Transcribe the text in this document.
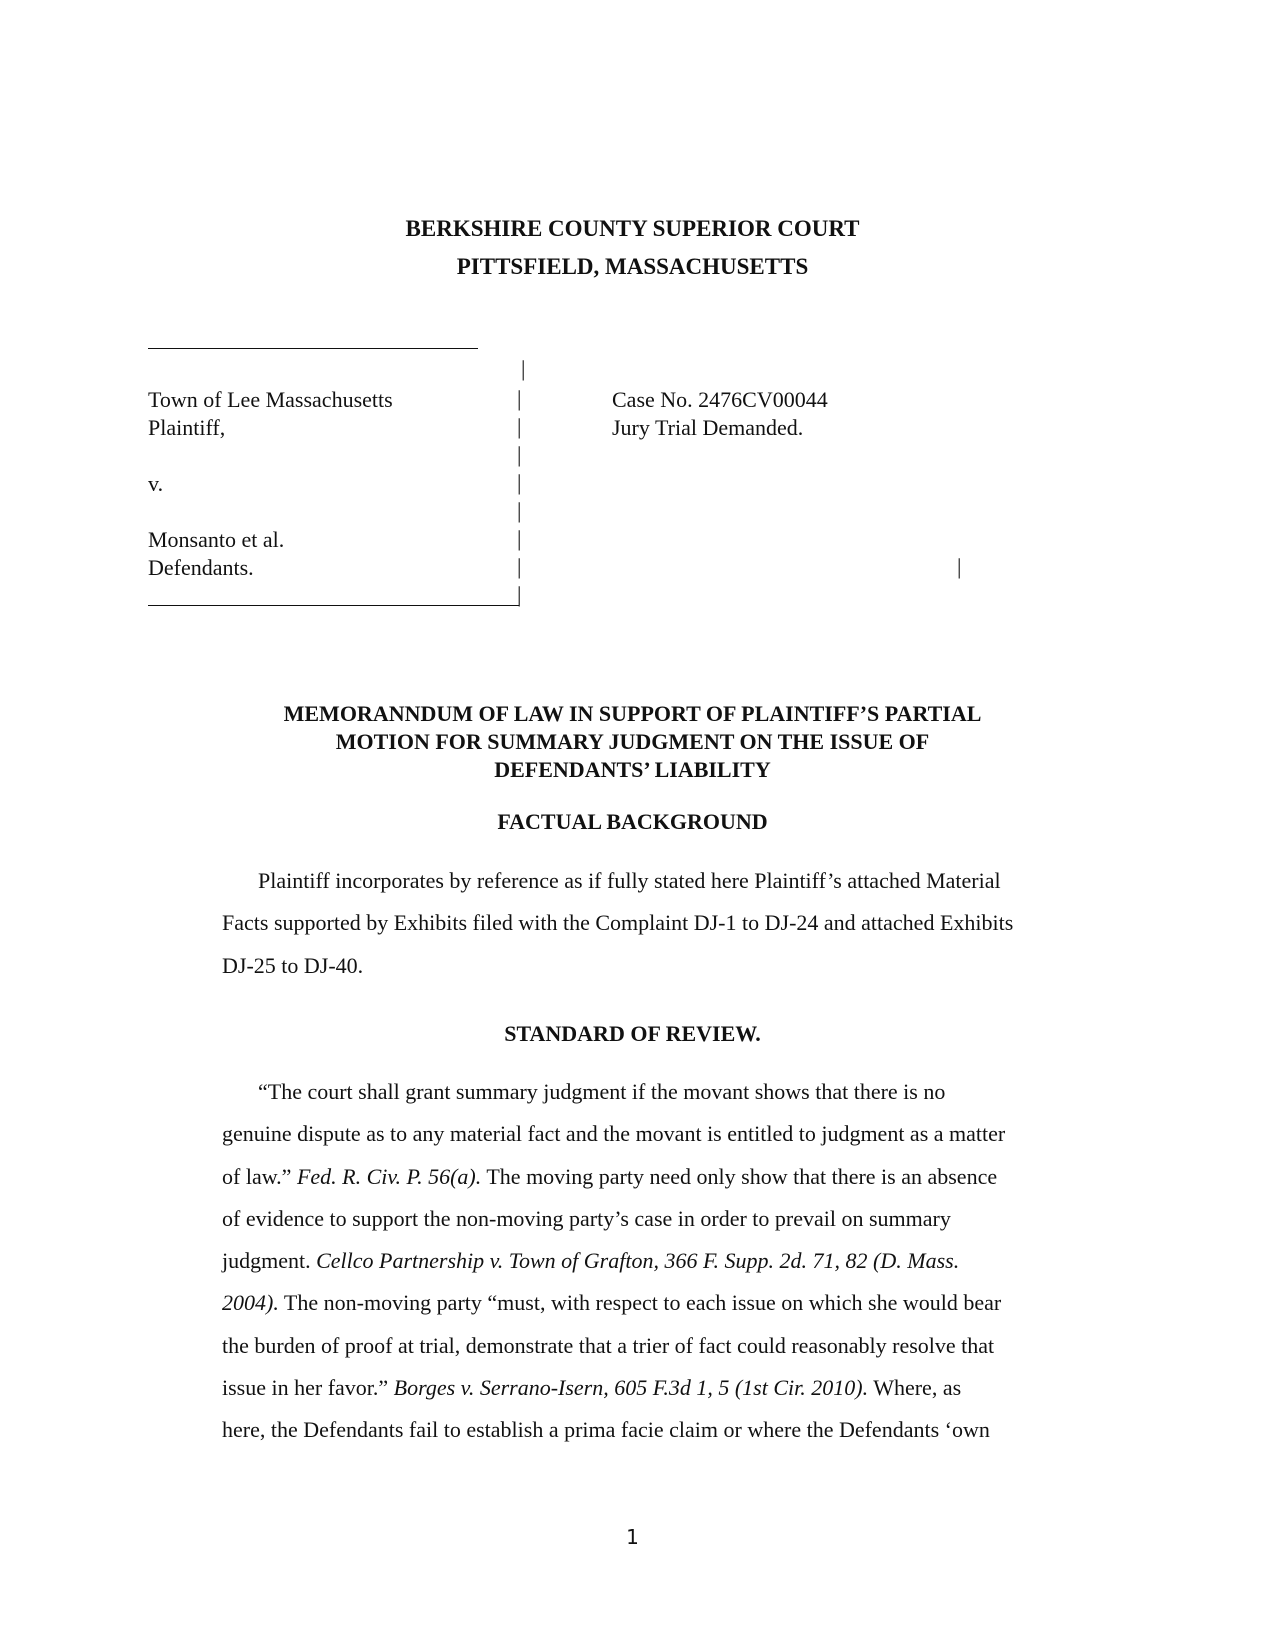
BERKSHIRE COUNTY SUPERIOR COURT
PITTSFIELD, MASSACHUSETTS
|
|
|
|
|
|
|
|
|
|
Town of Lee Massachusetts
Plaintiff,
v.
Monsanto et al.
Defendants.
Case No. 2476CV00044
Jury Trial Demanded.
MEMORANNDUM OF LAW IN SUPPORT OF PLAINTIFF’S PARTIAL
MOTION FOR SUMMARY JUDGMENT ON THE ISSUE OF
DEFENDANTS’ LIABILITY
FACTUAL BACKGROUND
Plaintiff incorporates by reference as if fully stated here Plaintiff’s attached Material
Facts supported by Exhibits filed with the Complaint DJ-1 to DJ-24 and attached Exhibits
DJ-25 to DJ-40.
STANDARD OF REVIEW.
“The court shall grant summary judgment if the movant shows that there is no
genuine dispute as to any material fact and the movant is entitled to judgment as a matter
of law.” Fed. R. Civ. P. 56(a). The moving party need only show that there is an absence
of evidence to support the non-moving party’s case in order to prevail on summary
judgment. Cellco Partnership v. Town of Grafton, 366 F. Supp. 2d. 71, 82 (D. Mass.
2004). The non-moving party “must, with respect to each issue on which she would bear
the burden of proof at trial, demonstrate that a trier of fact could reasonably resolve that
issue in her favor.” Borges v. Serrano-Isern, 605 F.3d 1, 5 (1st Cir. 2010). Where, as
here, the Defendants fail to establish a prima facie claim or where the Defendants ‘own
1
